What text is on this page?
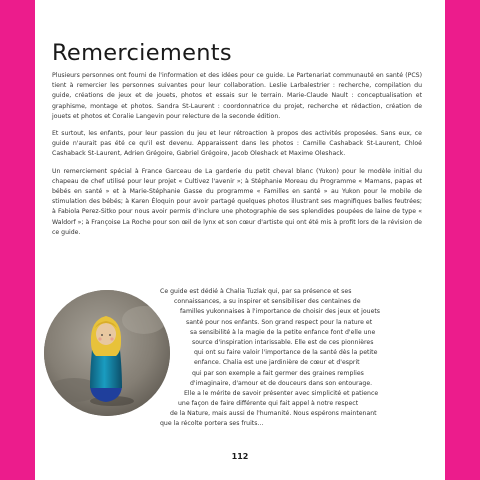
Remerciements

Plusieurs personnes ont fourni de l'information et des idées pour ce guide. Le Partenariat communauté en santé (PCS) tient à remercier les personnes suivantes pour leur collaboration. Leslie Larbalestrier : recherche, compilation du guide, créations de jeux et de jouets, photos et essais sur le terrain. Marie-Claude Nault : conceptualisation et graphisme, montage et photos. Sandra St-Laurent : coordonnatrice du projet, recherche et rédaction, création de jouets et photos et Coralie Langevin pour relecture de la seconde édition.

Et surtout, les enfants, pour leur passion du jeu et leur rétroaction à propos des activités proposées. Sans eux, ce guide n'aurait pas été ce qu'il est devenu. Apparaissent dans les photos : Camille Cashaback St-Laurent, Chloé Cashaback St-Laurent, Adrien Grégoire, Gabriel Grégoire, Jacob Oleshack et Maxime Oleshack.

Un remerciement spécial à France Garceau de La garderie du petit cheval blanc (Yukon) pour le modèle initial du chapeau de chef utilisé pour leur projet « Cultivez l'avenir »; à Stéphanie Moreau du Programme « Mamans, papas et bébés en santé » et à Marie-Stéphanie Gasse du programme « Familles en santé » au Yukon pour le mobile de stimulation des bébés; à Karen Éloquin pour avoir partagé quelques photos illustrant ses magnifiques balles feutrées; à Fabiola Perez-Sitko pour nous avoir permis d'inclure une photographie de ses splendides poupées de laine de type « Waldorf »; à Françoise La Roche pour son œil de lynx et son cœur d'artiste qui ont été mis à profit lors de la révision de ce guide.

Ce guide est dédié à Chalia Tuzlak qui, par sa présence et ses
connaissances, a su inspirer et sensibiliser des centaines de
familles yukonnaises à l'importance de choisir des jeux et jouets
santé pour nos enfants. Son grand respect pour la nature et
sa sensibilité à la magie de la petite enfance font d'elle une
source d'inspiration intarissable. Elle est de ces pionnières
qui ont su faire valoir l'importance de la santé dès la petite
enfance. Chalia est une jardinière de cœur et d'esprit
qui par son exemple a fait germer des graines remplies
d'imaginaire, d'amour et de douceurs dans son entourage.
Elle a le mérite de savoir présenter avec simplicité et patience
une façon de faire différente qui fait appel à notre respect
de la Nature, mais aussi de l'humanité. Nous espérons maintenant
que la récolte portera ses fruits…
112
